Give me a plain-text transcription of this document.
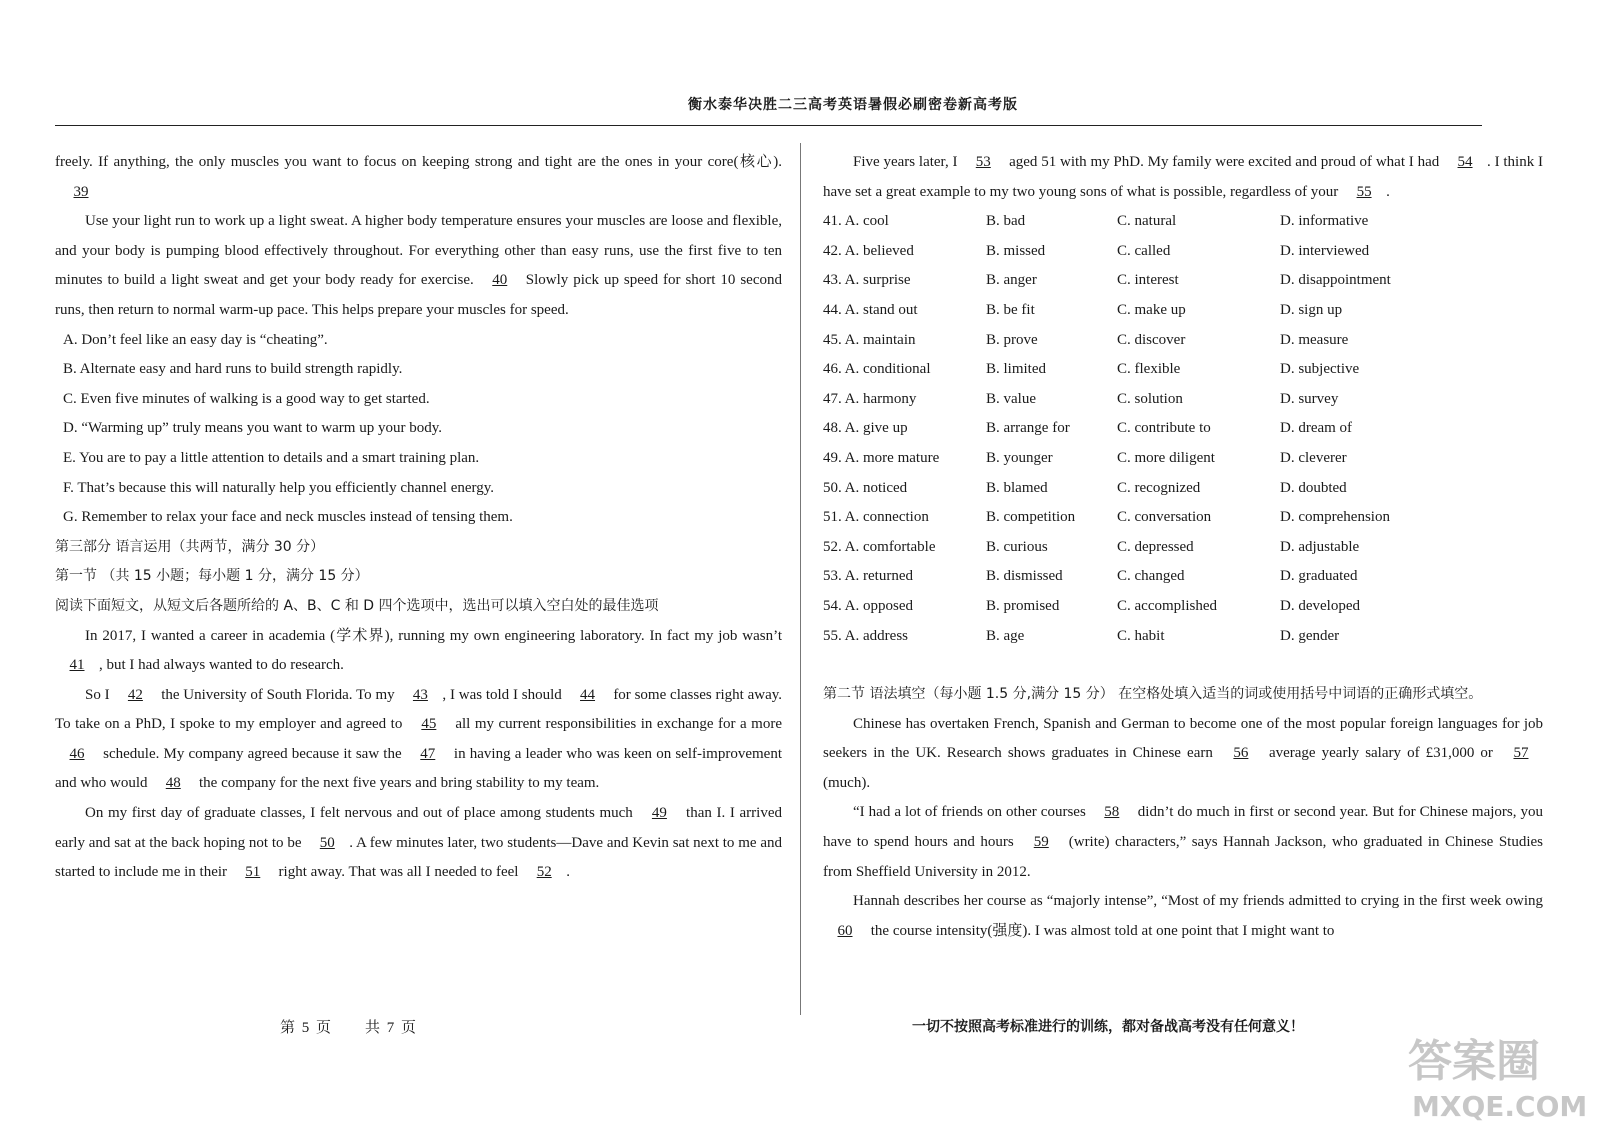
衡水泰华决胜二三高考英语暑假必刷密卷新高考版

freely. If anything, the only muscles you want to focus on keeping strong and tight are the ones in your core(核心). 39

Use your light run to work up a light sweat. A higher body temperature ensures your muscles are loose and flexible, and your body is pumping blood effectively throughout. For everything other than easy runs, use the first five to ten minutes to build a light sweat and get your body ready for exercise. 40 Slowly pick up speed for short 10 second runs, then return to normal warm-up pace. This helps prepare your muscles for speed.

A. Don’t feel like an easy day is “cheating”.

B. Alternate easy and hard runs to build strength rapidly.

C. Even five minutes of walking is a good way to get started.

D. “Warming up” truly means you want to warm up your body.

E. You are to pay a little attention to details and a smart training plan.

F. That’s because this will naturally help you efficiently channel energy.

G. Remember to relax your face and neck muscles instead of tensing them.

第三部分 语言运用（共两节，满分 30 分）

第一节 （共 15 小题；每小题 1 分，满分 15 分）

阅读下面短文，从短文后各题所给的 A、B、C 和 D 四个选项中，选出可以填入空白处的最佳选项

In 2017, I wanted a career in academia (学术界), running my own engineering laboratory. In fact my job wasn’t 41 , but I had always wanted to do research.

So I 42 the University of South Florida. To my 43 , I was told I should 44 for some classes right away. To take on a PhD, I spoke to my employer and agreed to 45 all my current responsibilities in exchange for a more 46 schedule. My company agreed because it saw the 47 in having a leader who was keen on self-improvement and who would 48 the company for the next five years and bring stability to my team.

On my first day of graduate classes, I felt nervous and out of place among students much 49 than I. I arrived early and sat at the back hoping not to be 50 . A few minutes later, two students—Dave and Kevin sat next to me and started to include me in their 51 right away. That was all I needed to feel 52 .

Five years later, I 53 aged 51 with my PhD. My family were excited and proud of what I had 54 . I think I have set a great example to my two young sons of what is possible, regardless of your 55 .

41. A. cool	B. bad	C. natural	D. informative
42. A. believed	B. missed	C. called	D. interviewed
43. A. surprise	B. anger	C. interest	D. disappointment
44. A. stand out	B. be fit	C. make up	D. sign up
45. A. maintain	B. prove	C. discover	D. measure
46. A. conditional	B. limited	C. flexible	D. subjective
47. A. harmony	B. value	C. solution	D. survey
48. A. give up	B. arrange for	C. contribute to	D. dream of
49. A. more mature	B. younger	C. more diligent	D. cleverer
50. A. noticed	B. blamed	C. recognized	D. doubted
51. A. connection	B. competition	C. conversation	D. comprehension
52. A. comfortable	B. curious	C. depressed	D. adjustable
53. A. returned	B. dismissed	C. changed	D. graduated
54. A. opposed	B. promised	C. accomplished	D. developed
55. A. address	B. age	C. habit	D. gender

第二节 语法填空（每小题 1.5 分,满分 15 分） 在空格处填入适当的词或使用括号中词语的正确形式填空。

Chinese has overtaken French, Spanish and German to become one of the most popular foreign languages for job seekers in the UK. Research shows graduates in Chinese earn 56 average yearly salary of £31,000 or 57 (much).

“I had a lot of friends on other courses 58 didn’t do much in first or second year. But for Chinese majors, you have to spend hours and hours 59 (write) characters,” says Hannah Jackson, who graduated in Chinese Studies from Sheffield University in 2012.

Hannah describes her course as “majorly intense”, “Most of my friends admitted to crying in the first week owing 60 the course intensity(强度). I was almost told at one point that I might want to

第 5 页 共 7 页	一切不按照高考标准进行的训练，都对备战高考没有任何意义！
答案圈
MXQE.COM
